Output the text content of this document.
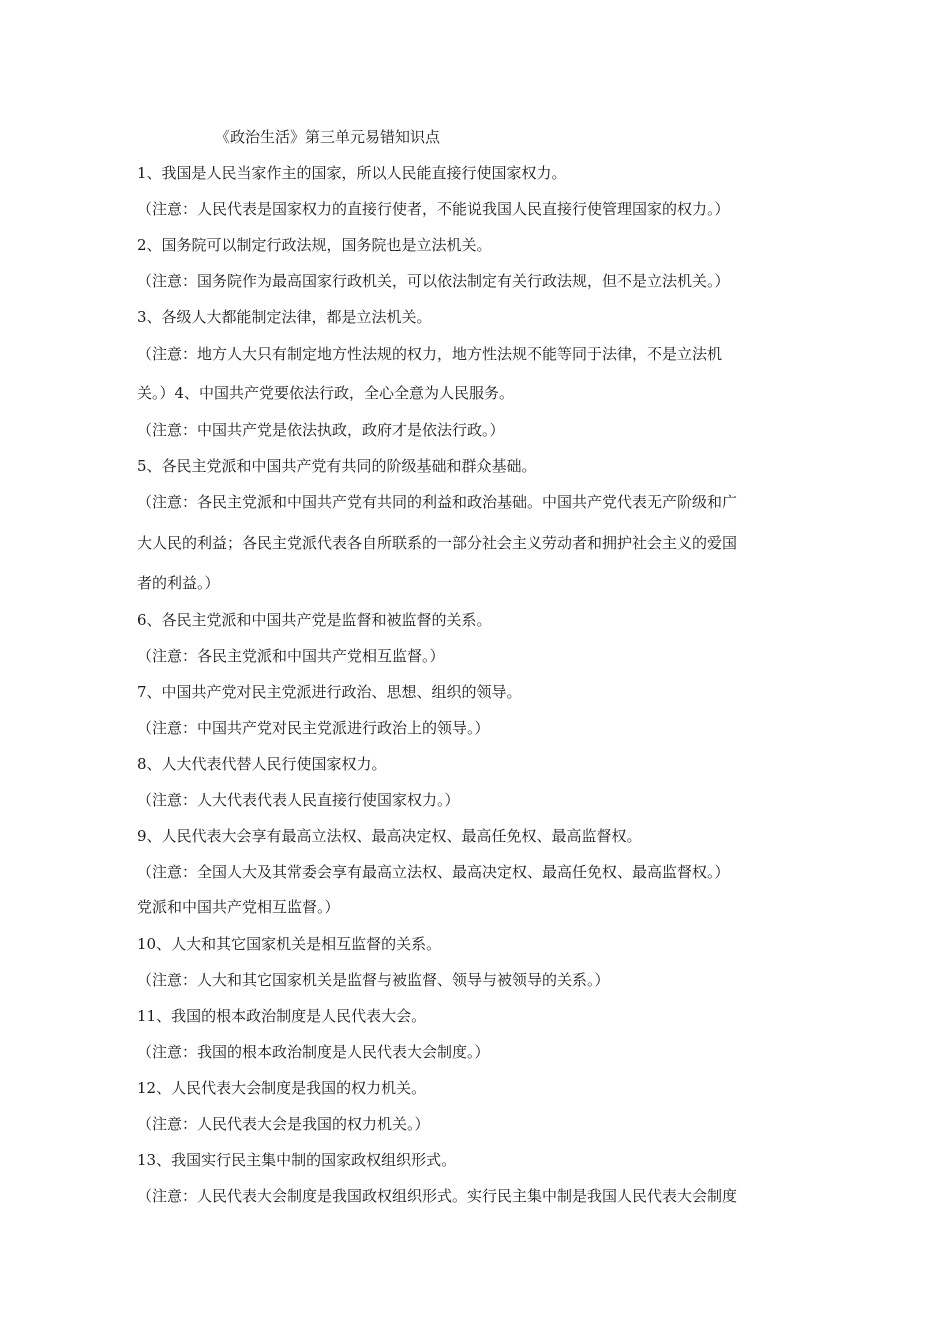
《政治生活》第三单元易错知识点
1、我国是人民当家作主的国家，所以人民能直接行使国家权力。
（注意：人民代表是国家权力的直接行使者，不能说我国人民直接行使管理国家的权力。）
2、国务院可以制定行政法规，国务院也是立法机关。
（注意：国务院作为最高国家行政机关，可以依法制定有关行政法规，但不是立法机关。）
3、各级人大都能制定法律，都是立法机关。
（注意：地方人大只有制定地方性法规的权力，地方性法规不能等同于法律，不是立法机
关。）4、中国共产党要依法行政，全心全意为人民服务。
（注意：中国共产党是依法执政，政府才是依法行政。）
5、各民主党派和中国共产党有共同的阶级基础和群众基础。
（注意：各民主党派和中国共产党有共同的利益和政治基础。中国共产党代表无产阶级和广
大人民的利益；各民主党派代表各自所联系的一部分社会主义劳动者和拥护社会主义的爱国
者的利益。）
6、各民主党派和中国共产党是监督和被监督的关系。
（注意：各民主党派和中国共产党相互监督。）
7、中国共产党对民主党派进行政治、思想、组织的领导。
（注意：中国共产党对民主党派进行政治上的领导。）
8、人大代表代替人民行使国家权力。
（注意：人大代表代表人民直接行使国家权力。）
9、人民代表大会享有最高立法权、最高决定权、最高任免权、最高监督权。
（注意：全国人大及其常委会享有最高立法权、最高决定权、最高任免权、最高监督权。）
党派和中国共产党相互监督。）
10、人大和其它国家机关是相互监督的关系。
（注意：人大和其它国家机关是监督与被监督、领导与被领导的关系。）
11、我国的根本政治制度是人民代表大会。
（注意：我国的根本政治制度是人民代表大会制度。）
12、人民代表大会制度是我国的权力机关。
（注意：人民代表大会是我国的权力机关。）
13、我国实行民主集中制的国家政权组织形式。
（注意：人民代表大会制度是我国政权组织形式。实行民主集中制是我国人民代表大会制度
